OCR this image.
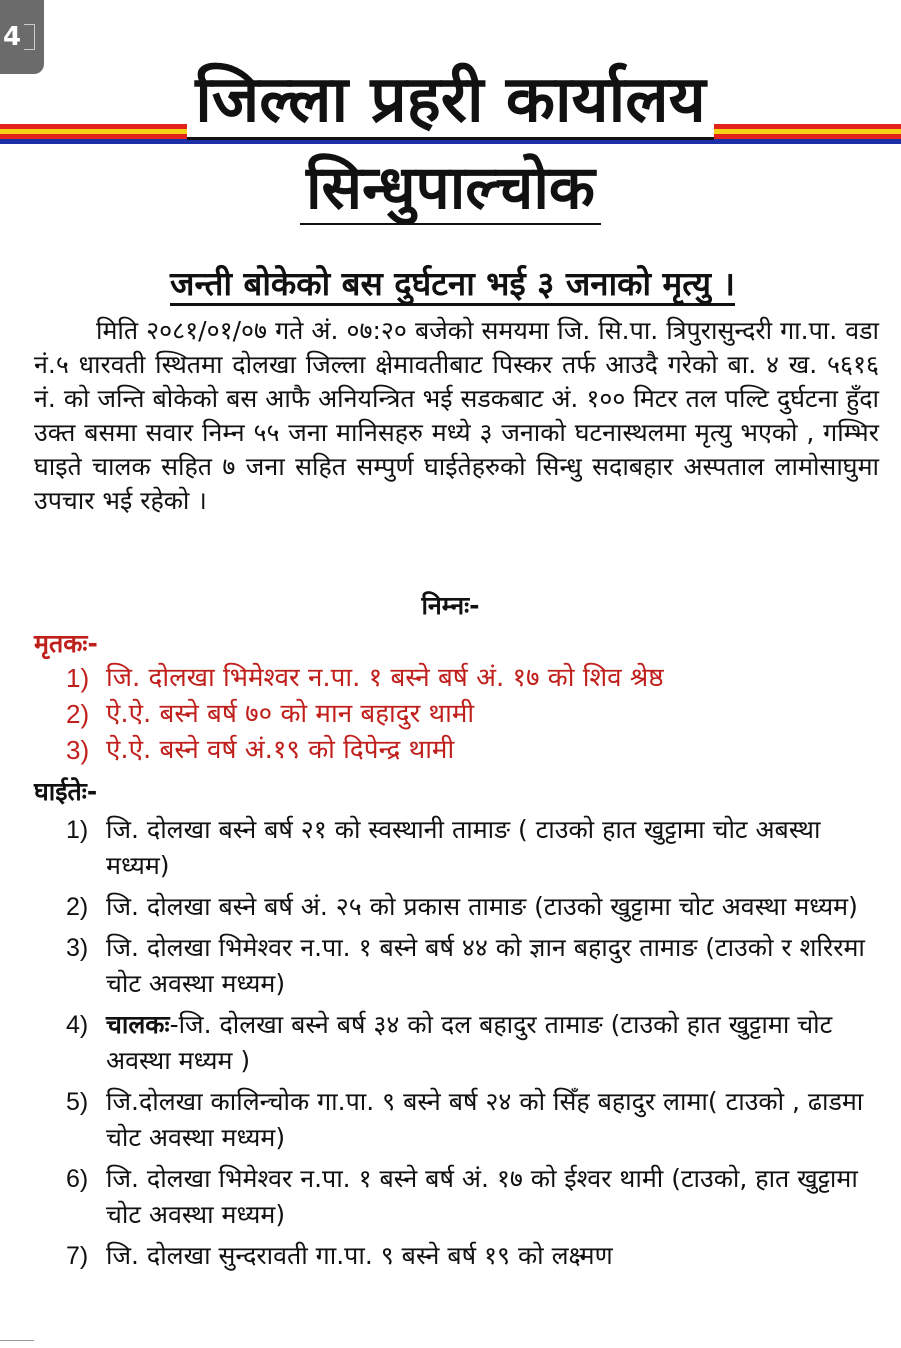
4
जिल्ला प्रहरी कार्यालय
सिन्धुपाल्चोक
जन्ती बोकेको बस दुर्घटना भई ३ जनाको मृत्यु ।

मिति २०८१/०१/०७ गते अं. ०७:२० बजेको समयमा जि. सि.पा. त्रिपुरासुन्दरी गा.पा. वडा नं.५ धारवती स्थितमा दोलखा जिल्ला क्षेमावतीबाट पिस्कर तर्फ आउदै गरेको बा. ४ ख. ५६१६ नं. को जन्ति बोकेको बस आफै अनियन्त्रित भई सडकबाट अं. १०० मिटर तल पल्टि दुर्घटना हुँदा उक्त बसमा सवार निम्न ५५ जना मानिसहरु मध्ये ३ जनाको घटनास्थलमा मृत्यु भएको , गम्भिर घाइते चालक सहित ७ जना सहित सम्पुर्ण घाईतेहरुको सिन्धु सदाबहार अस्पताल लामोसाघुमा उपचार भई रहेको ।

निम्नः-
मृतकः-
1) जि. दोलखा भिमेश्वर न.पा. १ बस्ने बर्ष अं. १७ को शिव श्रेष्ठ
2) ऐ.ऐ. बस्ने बर्ष ७० को मान बहादुर थामी
3) ऐ.ऐ. बस्ने वर्ष अं.१९ को दिपेन्द्र थामी
घाईतेः-
1) जि. दोलखा बस्ने बर्ष २१ को स्वस्थानी तामाङ ( टाउको हात खुट्टामा चोट अबस्था मध्यम)
2) जि. दोलखा बस्ने बर्ष अं. २५ को प्रकास तामाङ (टाउको खुट्टामा चोट अवस्था मध्यम)
3) जि. दोलखा भिमेश्वर न.पा. १ बस्ने बर्ष ४४ को ज्ञान बहादुर तामाङ (टाउको र शरिरमा चोट अवस्था मध्यम)
4) चालकः-जि. दोलखा बस्ने बर्ष ३४ को दल बहादुर तामाङ (टाउको हात खुट्टामा चोट अवस्था मध्यम )
5) जि.दोलखा कालिन्चोक गा.पा. ९ बस्ने बर्ष २४ को सिँह बहादुर लामा( टाउको , ढाडमा चोट अवस्था मध्यम)
6) जि. दोलखा भिमेश्वर न.पा. १ बस्ने बर्ष अं. १७ को ईश्वर थामी (टाउको, हात खुट्टामा चोट अवस्था मध्यम)
7) जि. दोलखा सुन्दरावती गा.पा. ९ बस्ने बर्ष १९ को लक्ष्मण
